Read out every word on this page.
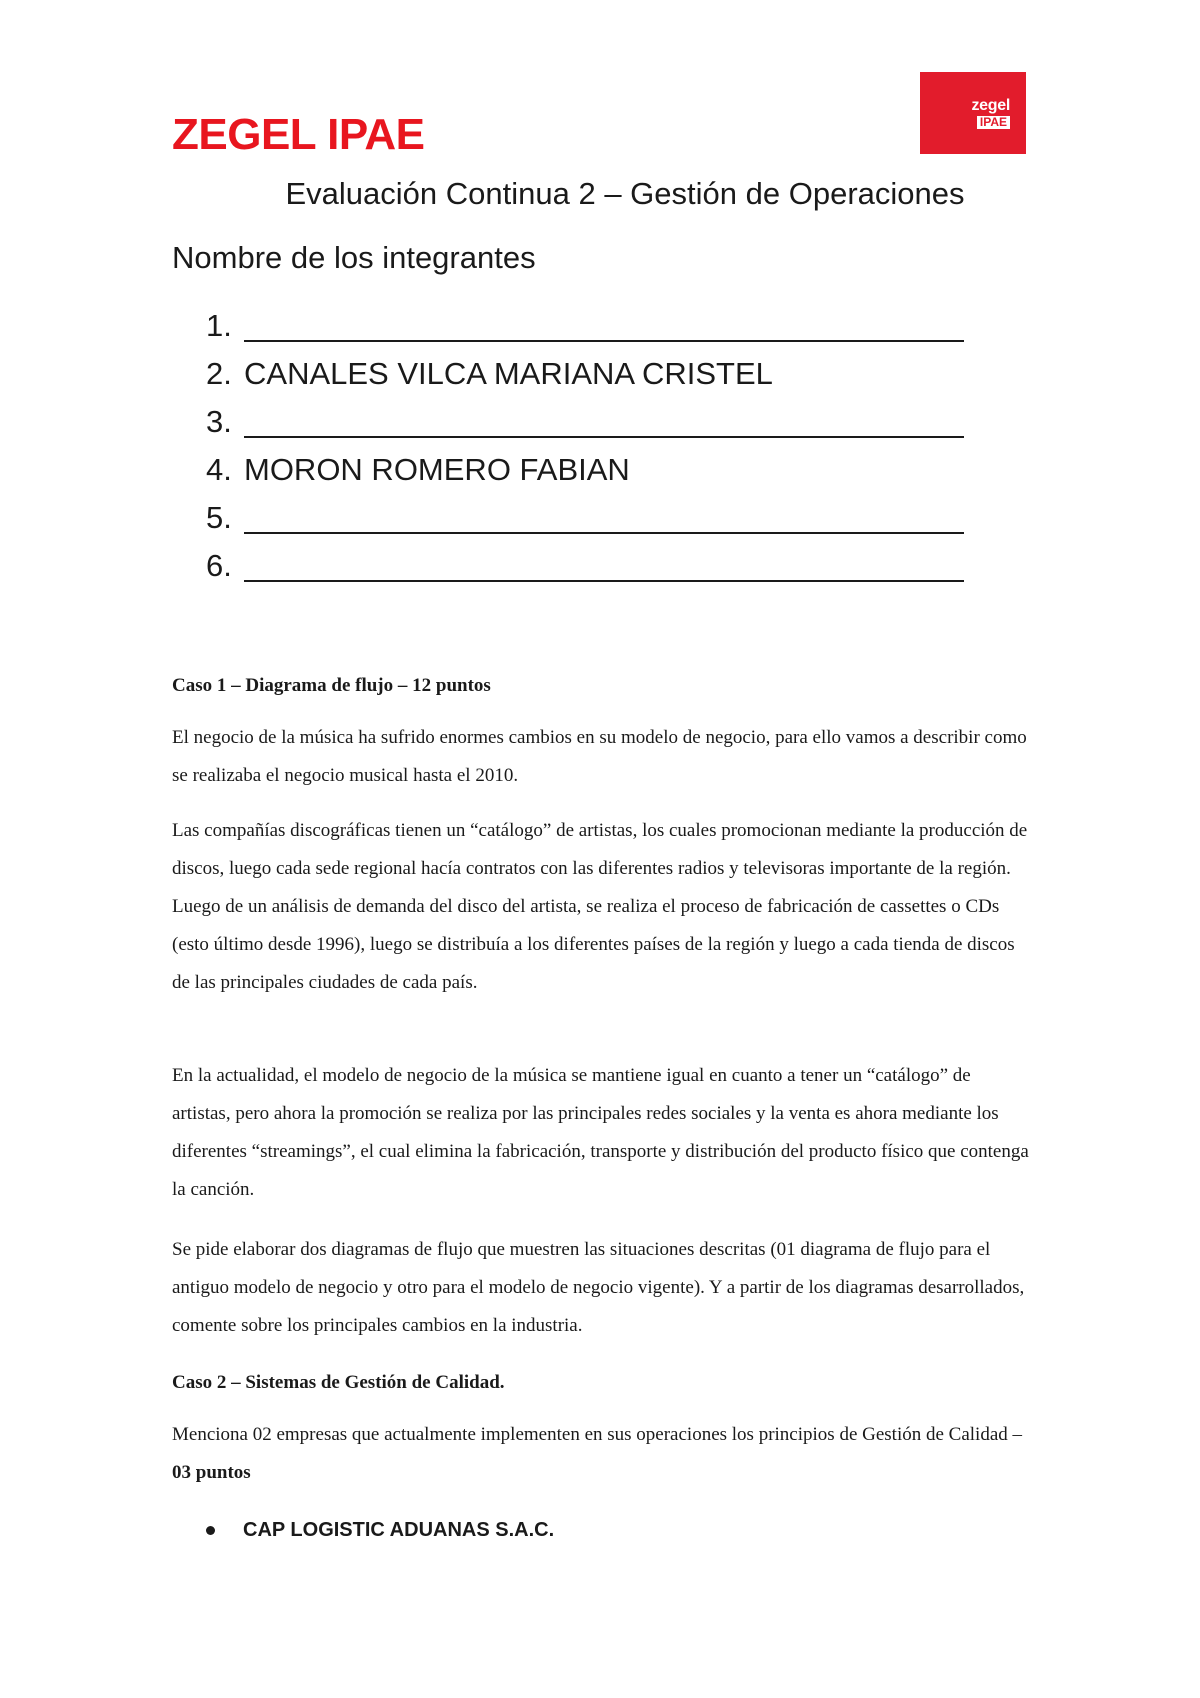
zegel
IPAE
ZEGEL IPAE
Evaluación Continua 2 – Gestión de Operaciones
Nombre de los integrantes
1.
2. CANALES VILCA MARIANA CRISTEL
3.
4. MORON ROMERO FABIAN
5.
6.

Caso 1 – Diagrama de flujo – 12 puntos

El negocio de la música ha sufrido enormes cambios en su modelo de negocio, para ello vamos a describir como se realizaba el negocio musical hasta el 2010.

Las compañías discográficas tienen un “catálogo” de artistas, los cuales promocionan mediante la producción de discos, luego cada sede regional hacía contratos con las diferentes radios y televisoras importante de la región. Luego de un análisis de demanda del disco del artista, se realiza el proceso de fabricación de cassettes o CDs (esto último desde 1996), luego se distribuía a los diferentes países de la región y luego a cada tienda de discos de las principales ciudades de cada país.

En la actualidad, el modelo de negocio de la música se mantiene igual en cuanto a tener un “catálogo” de artistas, pero ahora la promoción se realiza por las principales redes sociales y la venta es ahora mediante los diferentes “streamings”, el cual elimina la fabricación, transporte y distribución del producto físico que contenga la canción.

Se pide elaborar dos diagramas de flujo que muestren las situaciones descritas (01 diagrama de flujo para el antiguo modelo de negocio y otro para el modelo de negocio vigente). Y a partir de los diagramas desarrollados, comente sobre los principales cambios en la industria.

Caso 2 – Sistemas de Gestión de Calidad.

Menciona 02 empresas que actualmente implementen en sus operaciones los principios de Gestión de Calidad – 03 puntos

CAP LOGISTIC ADUANAS S.A.C.
